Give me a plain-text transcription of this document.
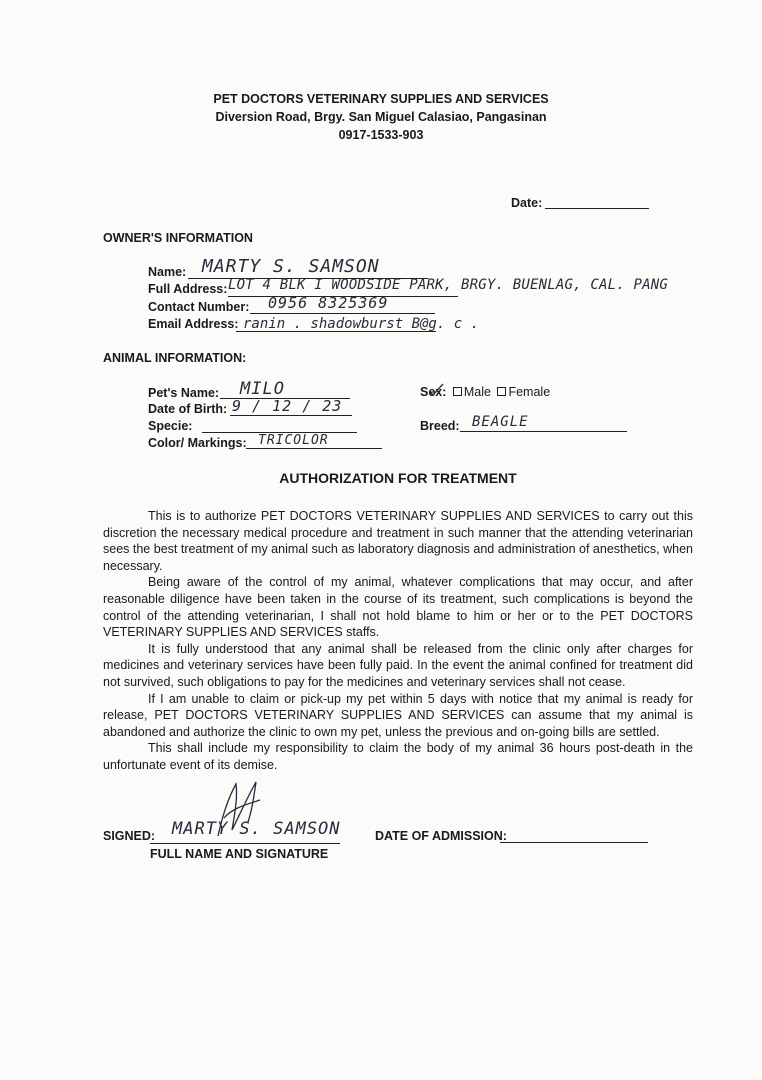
PET DOCTORS VETERINARY SUPPLIES AND SERVICES
Diversion Road, Brgy. San Miguel Calasiao, Pangasinan
0917-1533-903
Date:
OWNER'S INFORMATION
Name: MARTY S. SAMSON
Full Address: LOT 4 BLK I WOODSIDE PARK, BRGY. BUENLAG, CAL. PANG
Contact Number: 0956 8325369
Email Address: ranin . shadowburst B@g. c .
ANIMAL INFORMATION:
Pet's Name: MILO
Date of Birth: 9 / 12 / 23
Specie:
Color/ Markings: TRICOLOR
Sex: Male Female
Breed: BEAGLE
AUTHORIZATION FOR TREATMENT

This is to authorize PET DOCTORS VETERINARY SUPPLIES AND SERVICES to carry out this discretion the necessary medical procedure and treatment in such manner that the attending veterinarian sees the best treatment of my animal such as laboratory diagnosis and administration of anesthetics, when necessary.

Being aware of the control of my animal, whatever complications that may occur, and after reasonable diligence have been taken in the course of its treatment, such complications is beyond the control of the attending veterinarian, I shall not hold blame to him or her or to the PET DOCTORS VETERINARY SUPPLIES AND SERVICES staffs.

It is fully understood that any animal shall be released from the clinic only after charges for medicines and veterinary services have been fully paid. In the event the animal confined for treatment did not survived, such obligations to pay for the medicines and veterinary services shall not cease.

If I am unable to claim or pick-up my pet within 5 days with notice that my animal is ready for release, PET DOCTORS VETERINARY SUPPLIES AND SERVICES can assume that my animal is abandoned and authorize the clinic to own my pet, unless the previous and on-going bills are settled.

This shall include my responsibility to claim the body of my animal 36 hours post-death in the unfortunate event of its demise.

SIGNED: MARTY S. SAMSON
FULL NAME AND SIGNATURE
DATE OF ADMISSION:
